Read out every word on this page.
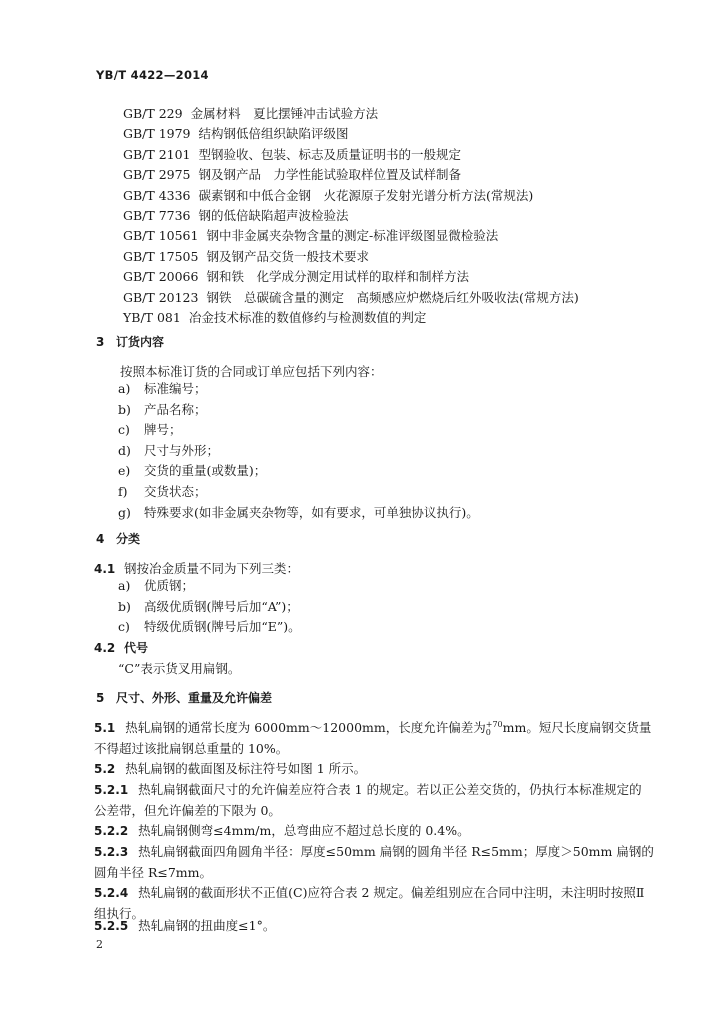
YB/T 4422—2014
GB/T 229 金属材料　夏比摆锤冲击试验方法
GB/T 1979 结构钢低倍组织缺陷评级图
GB/T 2101 型钢验收、包装、标志及质量证明书的一般规定
GB/T 2975 钢及钢产品　力学性能试验取样位置及试样制备
GB/T 4336 碳素钢和中低合金钢　火花源原子发射光谱分析方法(常规法)
GB/T 7736 钢的低倍缺陷超声波检验法
GB/T 10561 钢中非金属夹杂物含量的测定-标准评级图显微检验法
GB/T 17505 钢及钢产品交货一般技术要求
GB/T 20066 钢和铁　化学成分测定用试样的取样和制样方法
GB/T 20123 钢铁　总碳硫含量的测定　高频感应炉燃烧后红外吸收法(常规方法)
YB/T 081 冶金技术标准的数值修约与检测数值的判定
3 订货内容
按照本标准订货的合同或订单应包括下列内容：
a) 标准编号；
b) 产品名称；
c) 牌号；
d) 尺寸与外形；
e) 交货的重量(或数量)；
f) 交货状态；
g) 特殊要求(如非金属夹杂物等，如有要求，可单独协议执行)。
4 分类
4.1 钢按冶金质量不同为下列三类：
a) 优质钢；
b) 高级优质钢(牌号后加“A”)；
c) 特级优质钢(牌号后加“E”)。
4.2 代号
“C”表示货叉用扁钢。
5 尺寸、外形、重量及允许偏差
5.1 热轧扁钢的通常长度为 6000mm～12000mm，长度允许偏差为 +70
0 mm。短尺长度扁钢交货量不得超过该批扁钢总重量的 10%。
5.2 热轧扁钢的截面图及标注符号如图 1 所示。
5.2.1 热轧扁钢截面尺寸的允许偏差应符合表 1 的规定。若以正公差交货的，仍执行本标准规定的公差带，但允许偏差的下限为 0。
5.2.2 热轧扁钢侧弯≤4mm/m，总弯曲应不超过总长度的 0.4%。
5.2.3 热轧扁钢截面四角圆角半径：厚度≤50mm 扁钢的圆角半径 R≤5mm；厚度＞50mm 扁钢的圆角半径 R≤7mm。
5.2.4 热轧扁钢的截面形状不正值(C)应符合表 2 规定。偏差组别应在合同中注明，未注明时按照Ⅱ组执行。
5.2.5 热轧扁钢的扭曲度≤1°。
2
